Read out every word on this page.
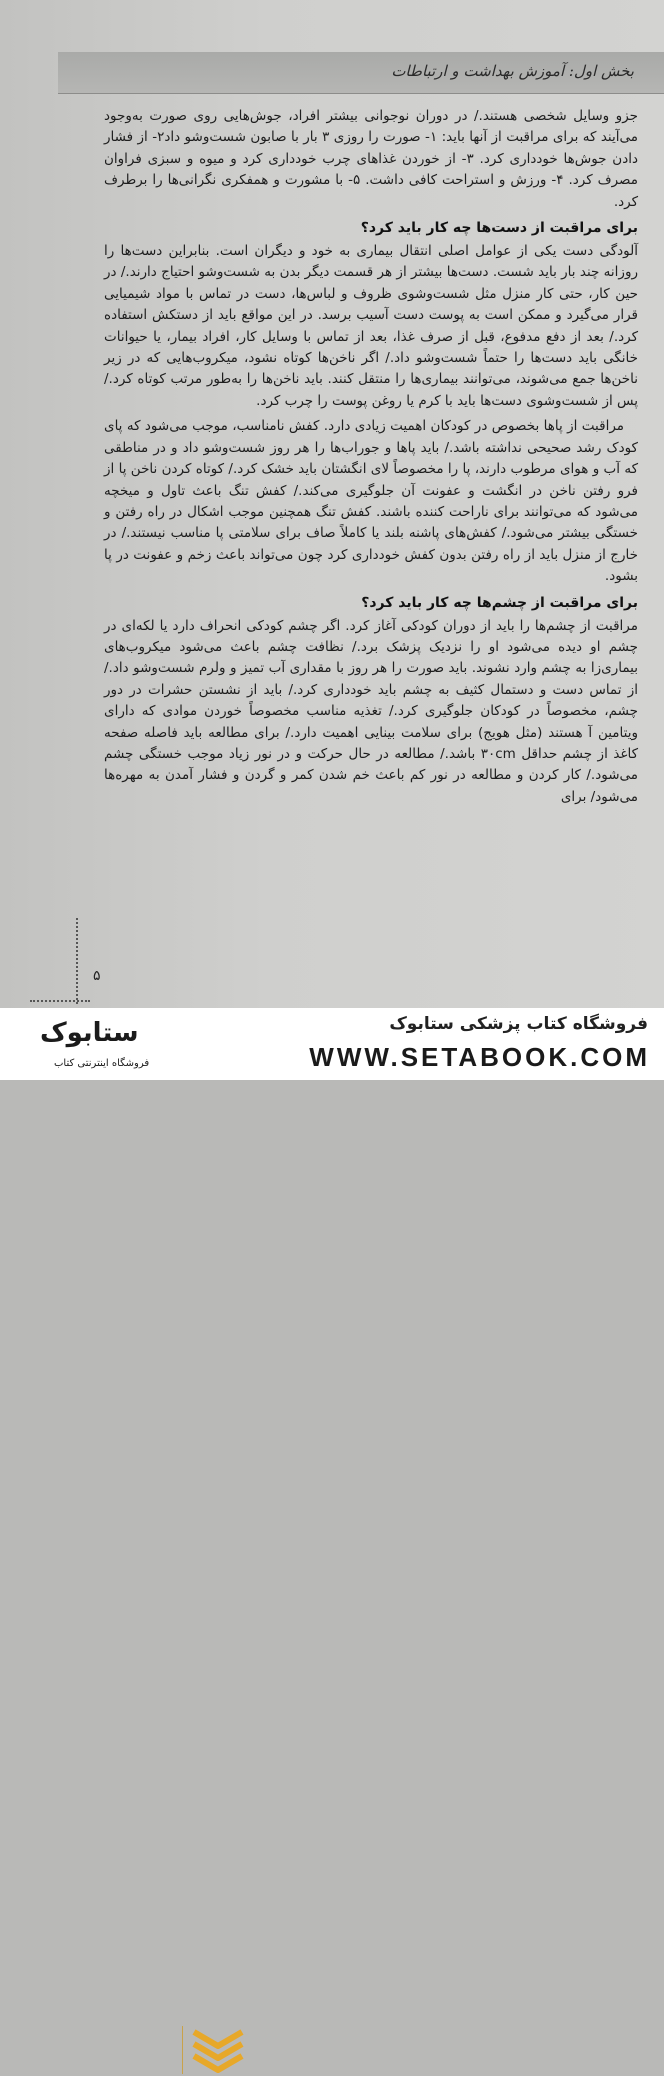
بخش اول: آموزش بهداشت و ارتباطات

جزو وسایل شخصی هستند./ در دوران نوجوانی بیشتر افراد، جوش‌هایی روی صورت به‌وجود می‌آیند که برای مراقبت از آنها باید: ۱- صورت را روزی ۳ بار با صابون شست‌وشو داد۲- از فشار دادن جوش‌ها خودداری کرد. ۳- از خوردن غذاهای چرب خودداری کرد و میوه و سبزی فراوان مصرف کرد. ۴- ورزش و استراحت کافی داشت. ۵- با مشورت و همفکری نگرانی‌ها را برطرف کرد.

برای مراقبت از دست‌ها چه کار باید کرد؟

آلودگی دست یکی از عوامل اصلی انتقال بیماری به خود و دیگران است. بنابراین دست‌ها را روزانه چند بار باید شست. دست‌ها بیشتر از هر قسمت دیگر بدن به شست‌وشو احتیاج دارند./ در حین کار، حتی کار منزل مثل شست‌وشوی ظروف و لباس‌ها، دست در تماس با مواد شیمیایی قرار می‌گیرد و ممکن است به پوست دست آسیب برسد. در این مواقع باید از دستکش استفاده کرد./ بعد از دفع مدفوع، قبل از صرف غذا، بعد از تماس با وسایل کار، افراد بیمار، یا حیوانات خانگی باید دست‌ها را حتماً شست‌وشو داد./ اگر ناخن‌ها کوتاه نشود، میکروب‌هایی که در زیر ناخن‌ها جمع می‌شوند، می‌توانند بیماری‌ها را منتقل کنند. باید ناخن‌ها را به‌طور مرتب کوتاه کرد./ پس از شست‌وشوی دست‌ها باید با کرم یا روغن پوست را چرب کرد.

مراقبت از پاها بخصوص در کودکان اهمیت زیادی دارد. کفش نامناسب، موجب می‌شود که پای کودک رشد صحیحی نداشته باشد./ باید پاها و جوراب‌ها را هر روز شست‌وشو داد و در مناطقی که آب و هوای مرطوب دارند، پا را مخصوصاً لای انگشتان باید خشک کرد./ کوتاه کردن ناخن پا از فرو رفتن ناخن در انگشت و عفونت آن جلوگیری می‌کند./ کفش تنگ باعث تاول و میخچه می‌شود که می‌توانند برای ناراحت کننده باشند. کفش تنگ همچنین موجب اشکال در راه رفتن و خستگی بیشتر می‌شود./ کفش‌های پاشنه بلند یا کاملاً صاف برای سلامتی پا مناسب نیستند./ در خارج از منزل باید از راه رفتن بدون کفش خودداری کرد چون می‌تواند باعث زخم و عفونت در پا بشود.

برای مراقبت از چشم‌ها چه کار باید کرد؟

مراقبت از چشم‌ها را باید از دوران کودکی آغاز کرد. اگر چشم کودکی انحراف دارد یا لکه‌ای در چشم او دیده می‌شود او را نزدیک پزشک برد./ نظافت چشم باعث می‌شود میکروب‌های بیماری‌زا به چشم وارد نشوند. باید صورت را هر روز با مقداری آب تمیز و ولرم شست‌وشو داد./ از تماس دست و دستمال کثیف به چشم باید خودداری کرد./ باید از نشستن حشرات در دور چشم، مخصوصاً در کودکان جلوگیری کرد./ تغذیه مناسب مخصوصاً خوردن موادی که دارای ویتامین آ هستند (مثل هویج) برای سلامت بینایی اهمیت دارد./ برای مطالعه باید فاصله صفحه کاغذ از چشم حداقل ۳۰cm باشد./ مطالعه در حال حرکت و در نور زیاد موجب خستگی چشم می‌شود./ کار کردن و مطالعه در نور کم باعث خم شدن کمر و گردن و فشار آمدن به مهره‌ها می‌شود/ برای

۵
ستابوک
فروشگاه اینترنتی کتاب
فروشگاه کتاب پزشکی ستابوک
WWW.SETABOOK.COM
